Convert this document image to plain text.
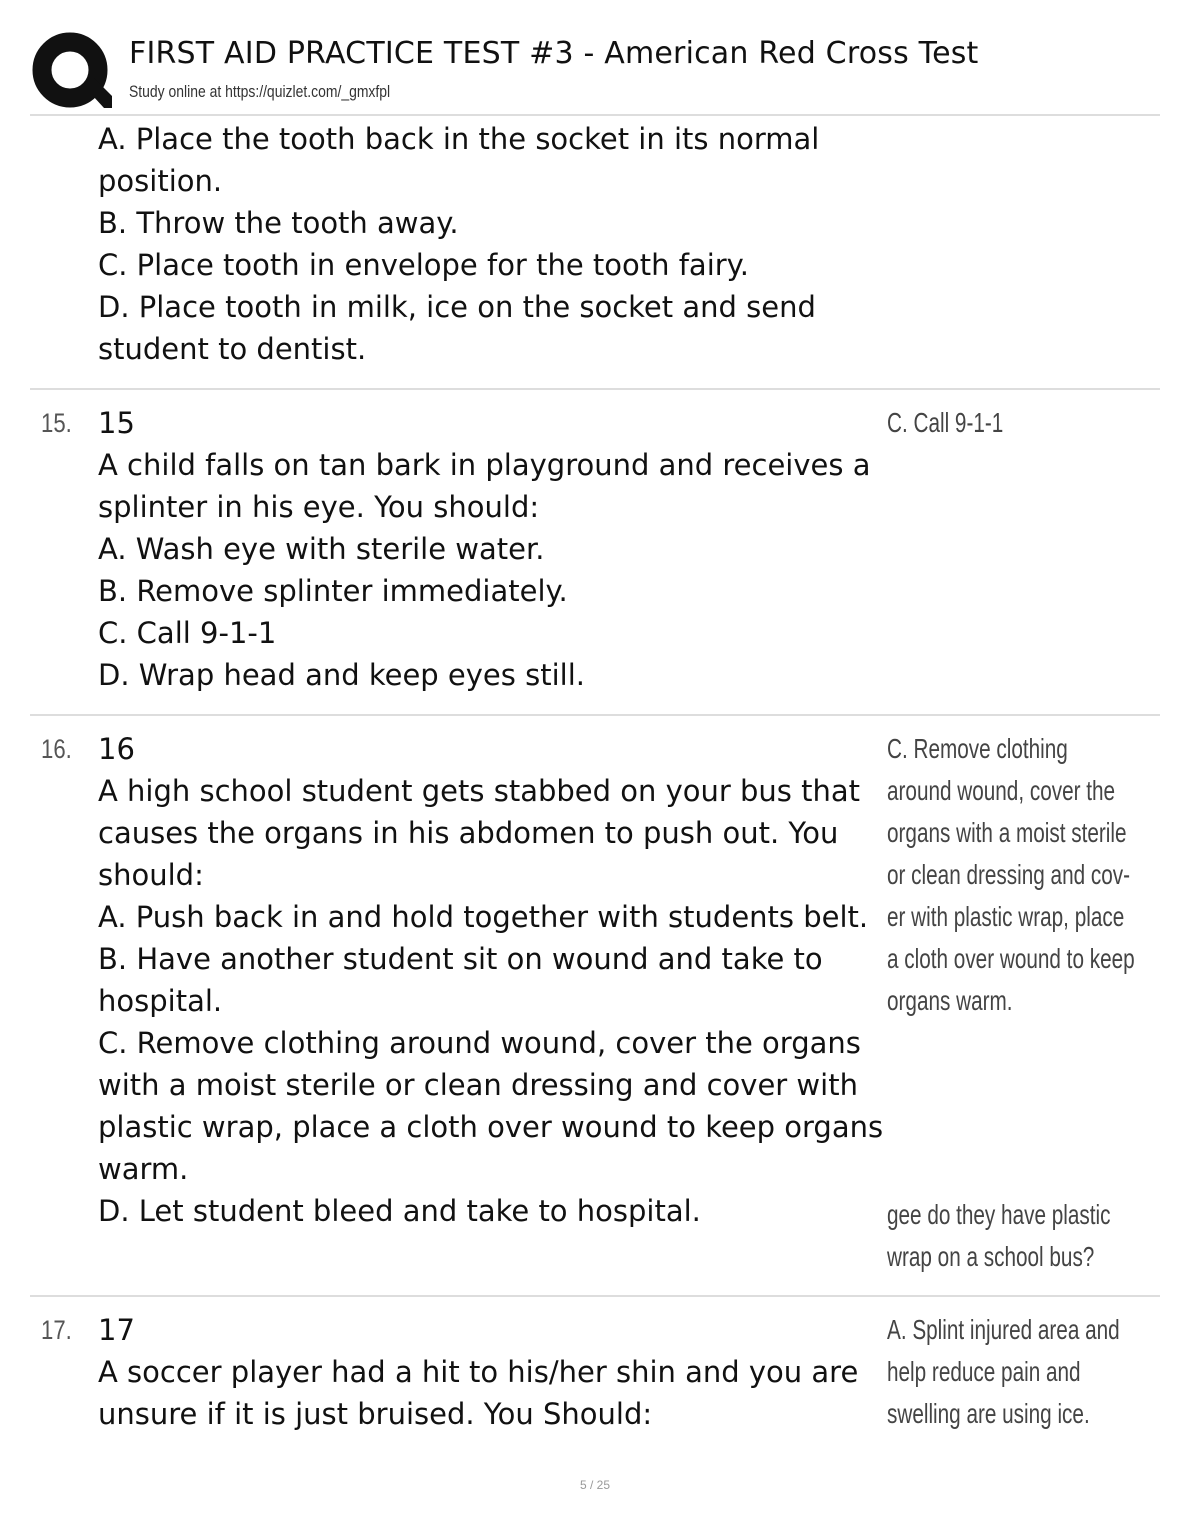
FIRST AID PRACTICE TEST #3 - American Red Cross Test
Study online at https://quizlet.com/_gmxfpl
A. Place the tooth back in the socket in its normal
position.
B. Throw the tooth away.
C. Place tooth in envelope for the tooth fairy.
D. Place tooth in milk, ice on the socket and send
student to dentist.
15. 15
A child falls on tan bark in playground and receives a
splinter in his eye. You should:
A. Wash eye with sterile water.
B. Remove splinter immediately.
C. Call 9-1-1
D. Wrap head and keep eyes still.
C. Call 9-1-1
16. 16
A high school student gets stabbed on your bus that
causes the organs in his abdomen to push out. You
should:
A. Push back in and hold together with students belt.
B. Have another student sit on wound and take to
hospital.
C. Remove clothing around wound, cover the organs
with a moist sterile or clean dressing and cover with
plastic wrap, place a cloth over wound to keep organs
warm.
D. Let student bleed and take to hospital.
C. Remove clothing
around wound, cover the
organs with a moist sterile
or clean dressing and cov-
er with plastic wrap, place
a cloth over wound to keep
organs warm.
gee do they have plastic
wrap on a school bus?
17. 17
A soccer player had a hit to his/her shin and you are
unsure if it is just bruised. You Should:
A. Splint injured area and
help reduce pain and
swelling are using ice.
5 / 25
